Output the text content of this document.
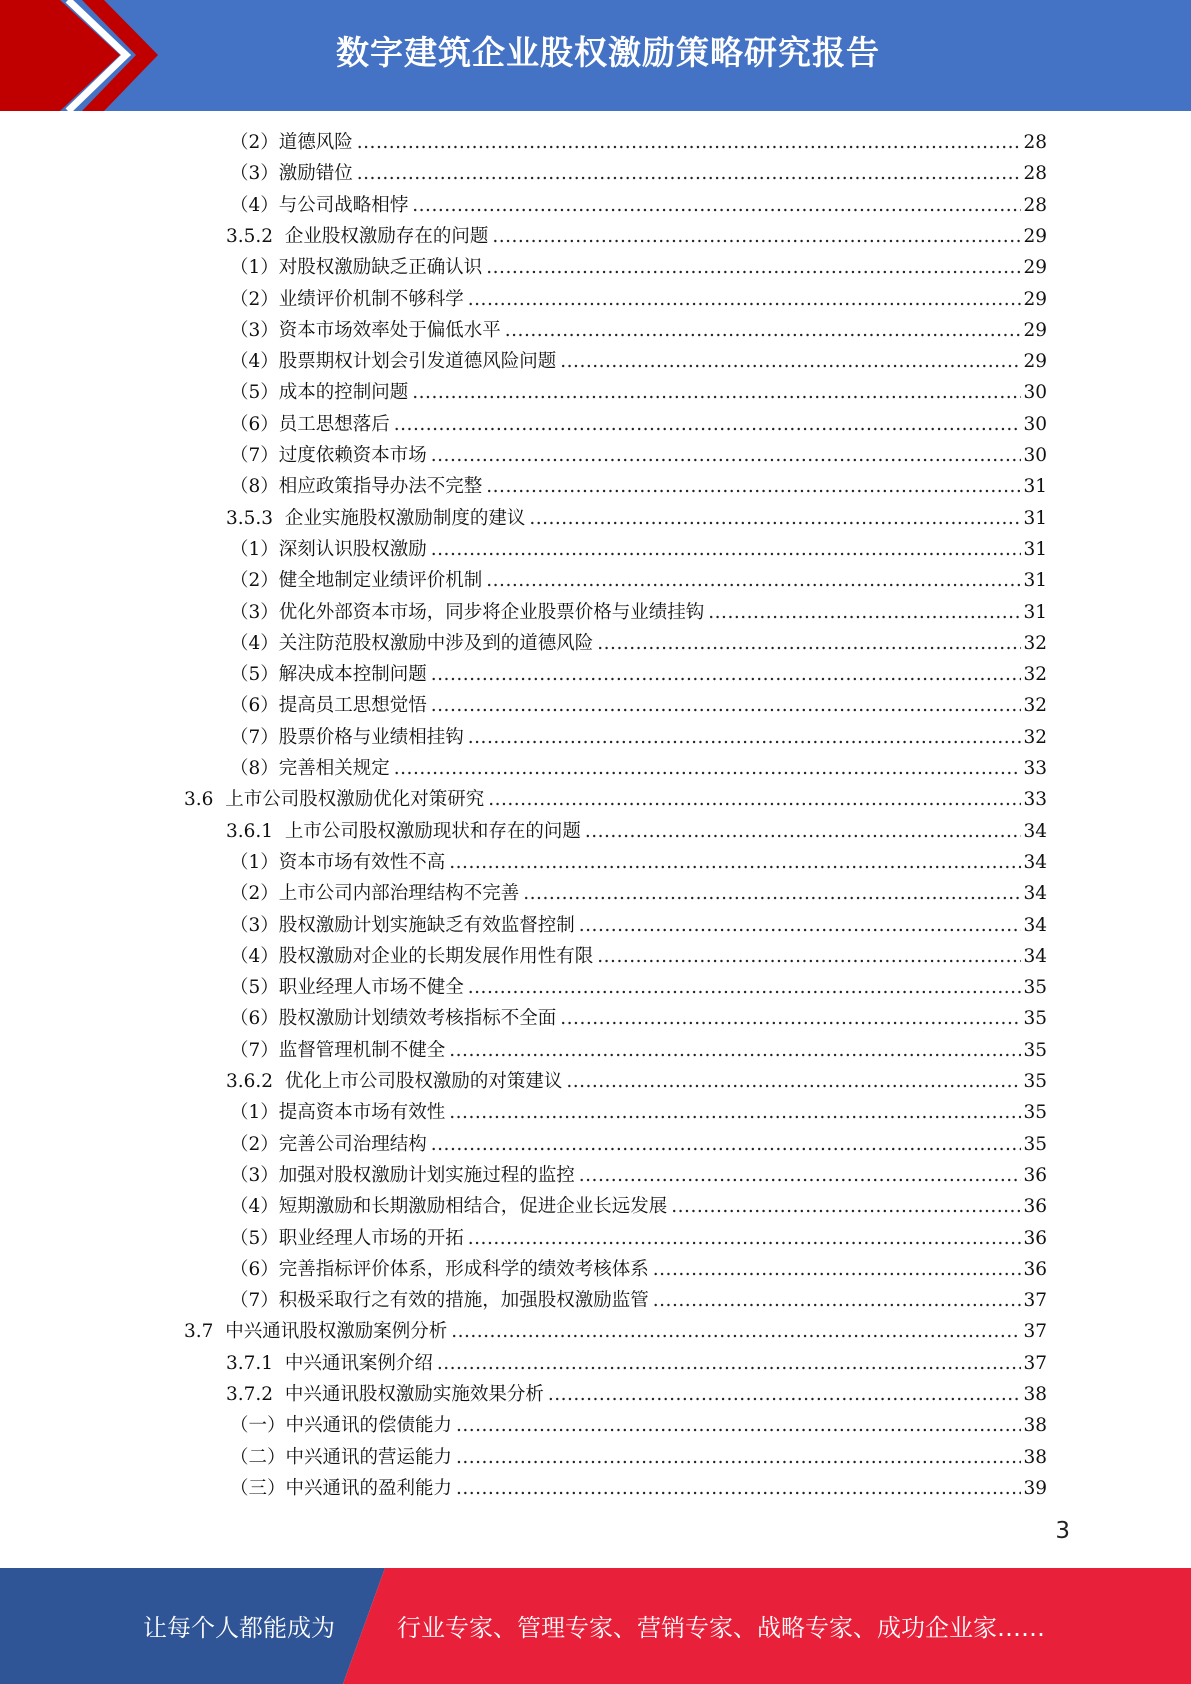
数字建筑企业股权激励策略研究报告
（2） 道德风险 .....	28
（3） 激励错位 .....	28
（4） 与公司战略相悖 .....	28
3.5.2 企业股权激励存在的问题 .....	29
（1） 对股权激励缺乏正确认识 .....	29
（2） 业绩评价机制不够科学 .....	29
（3） 资本市场效率处于偏低水平 .....	29
（4） 股票期权计划会引发道德风险问题 .....	29
（5） 成本的控制问题 .....	30
（6） 员工思想落后 .....	30
（7） 过度依赖资本市场 .....	30
（8） 相应政策指导办法不完整 .....	31
3.5.3 企业实施股权激励制度的建议 .....	31
（1） 深刻认识股权激励 .....	31
（2） 健全地制定业绩评价机制 .....	31
（3） 优化外部资本市场，同步将企业股票价格与业绩挂钩 .....	31
（4） 关注防范股权激励中涉及到的道德风险 .....	32
（5） 解决成本控制问题 .....	32
（6） 提高员工思想觉悟 .....	32
（7） 股票价格与业绩相挂钩 .....	32
（8） 完善相关规定 .....	33
3.6 上市公司股权激励优化对策研究 .....	33
3.6.1 上市公司股权激励现状和存在的问题 .....	34
（1） 资本市场有效性不高 .....	34
（2） 上市公司内部治理结构不完善 .....	34
（3） 股权激励计划实施缺乏有效监督控制 .....	34
（4） 股权激励对企业的长期发展作用性有限 .....	34
（5） 职业经理人市场不健全 .....	35
（6） 股权激励计划绩效考核指标不全面 .....	35
（7） 监督管理机制不健全 .....	35
3.6.2 优化上市公司股权激励的对策建议 .....	35
（1） 提高资本市场有效性 .....	35
（2） 完善公司治理结构 .....	35
（3） 加强对股权激励计划实施过程的监控 .....	36
（4） 短期激励和长期激励相结合，促进企业长远发展 .....	36
（5） 职业经理人市场的开拓 .....	36
（6） 完善指标评价体系，形成科学的绩效考核体系 .....	36
（7） 积极采取行之有效的措施，加强股权激励监管 .....	37
3.7 中兴通讯股权激励案例分析 .....	37
3.7.1 中兴通讯案例介绍 .....	37
3.7.2 中兴通讯股权激励实施效果分析 .....	38
（一） 中兴通讯的偿债能力 .....	38
（二） 中兴通讯的营运能力 .....	38
（三） 中兴通讯的盈利能力 .....	39
3
让每个人都能成为	行业专家、管理专家、营销专家、战略专家、成功企业家……
